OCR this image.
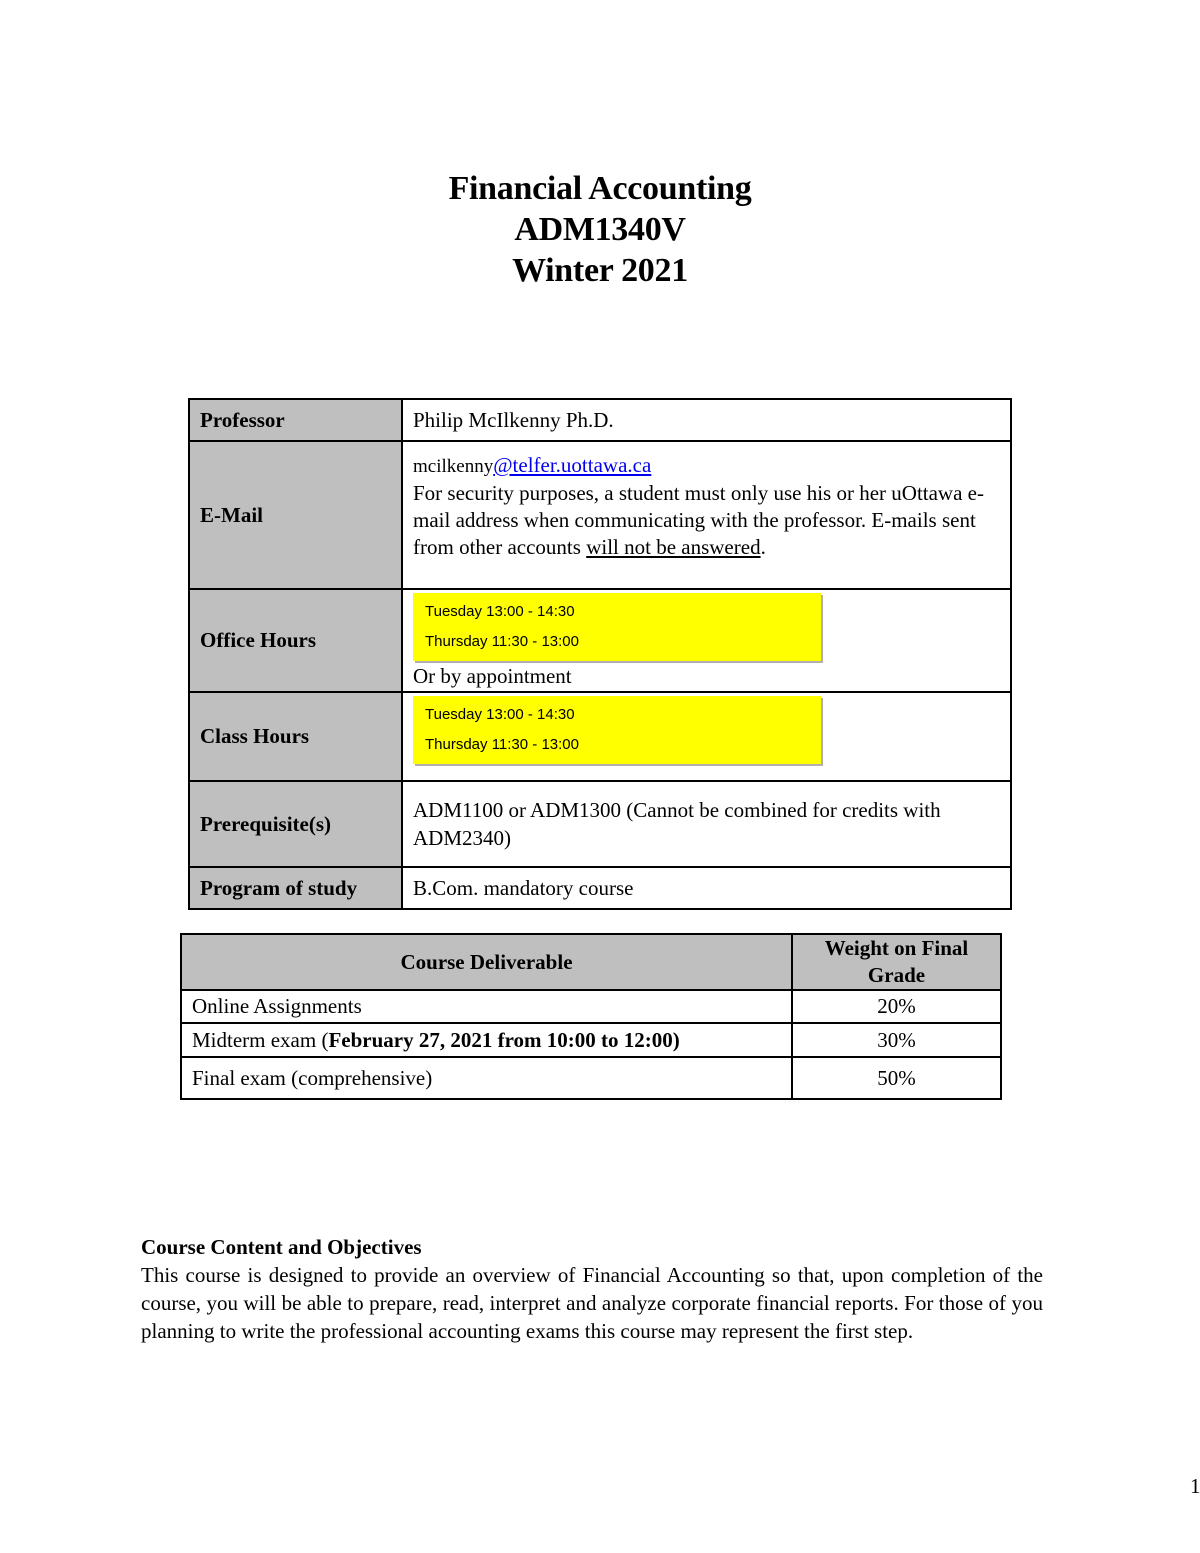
Financial Accounting
ADM1340V
Winter 2021
Professor	Philip McIlkenny Ph.D.
E-Mail	mcilkenny@telfer.uottawa.ca
For security purposes, a student must only use his or her uOttawa e-mail address when communicating with the professor. E-mails sent from other accounts will not be answered.

Office Hours	Tuesday 13:00 - 14:30
Thursday 11:30 - 13:00
Or by appointment

Class Hours	Tuesday 13:00 - 14:30
Thursday 11:30 - 13:00

Prerequisite(s)	ADM1100 or ADM1300 (Cannot be combined for credits with ADM2340)
Program of study	B.Com. mandatory course
Course Deliverable	Weight on Final Grade
Online Assignments	20%
Midterm exam (February 27, 2021 from 10:00 to 12:00)	30%
Final exam (comprehensive)	50%
Course Content and Objectives
This course is designed to provide an overview of Financial Accounting so that, upon completion of the course, you will be able to prepare, read, interpret and analyze corporate financial reports. For those of you planning to write the professional accounting exams this course may represent the first step.
1
